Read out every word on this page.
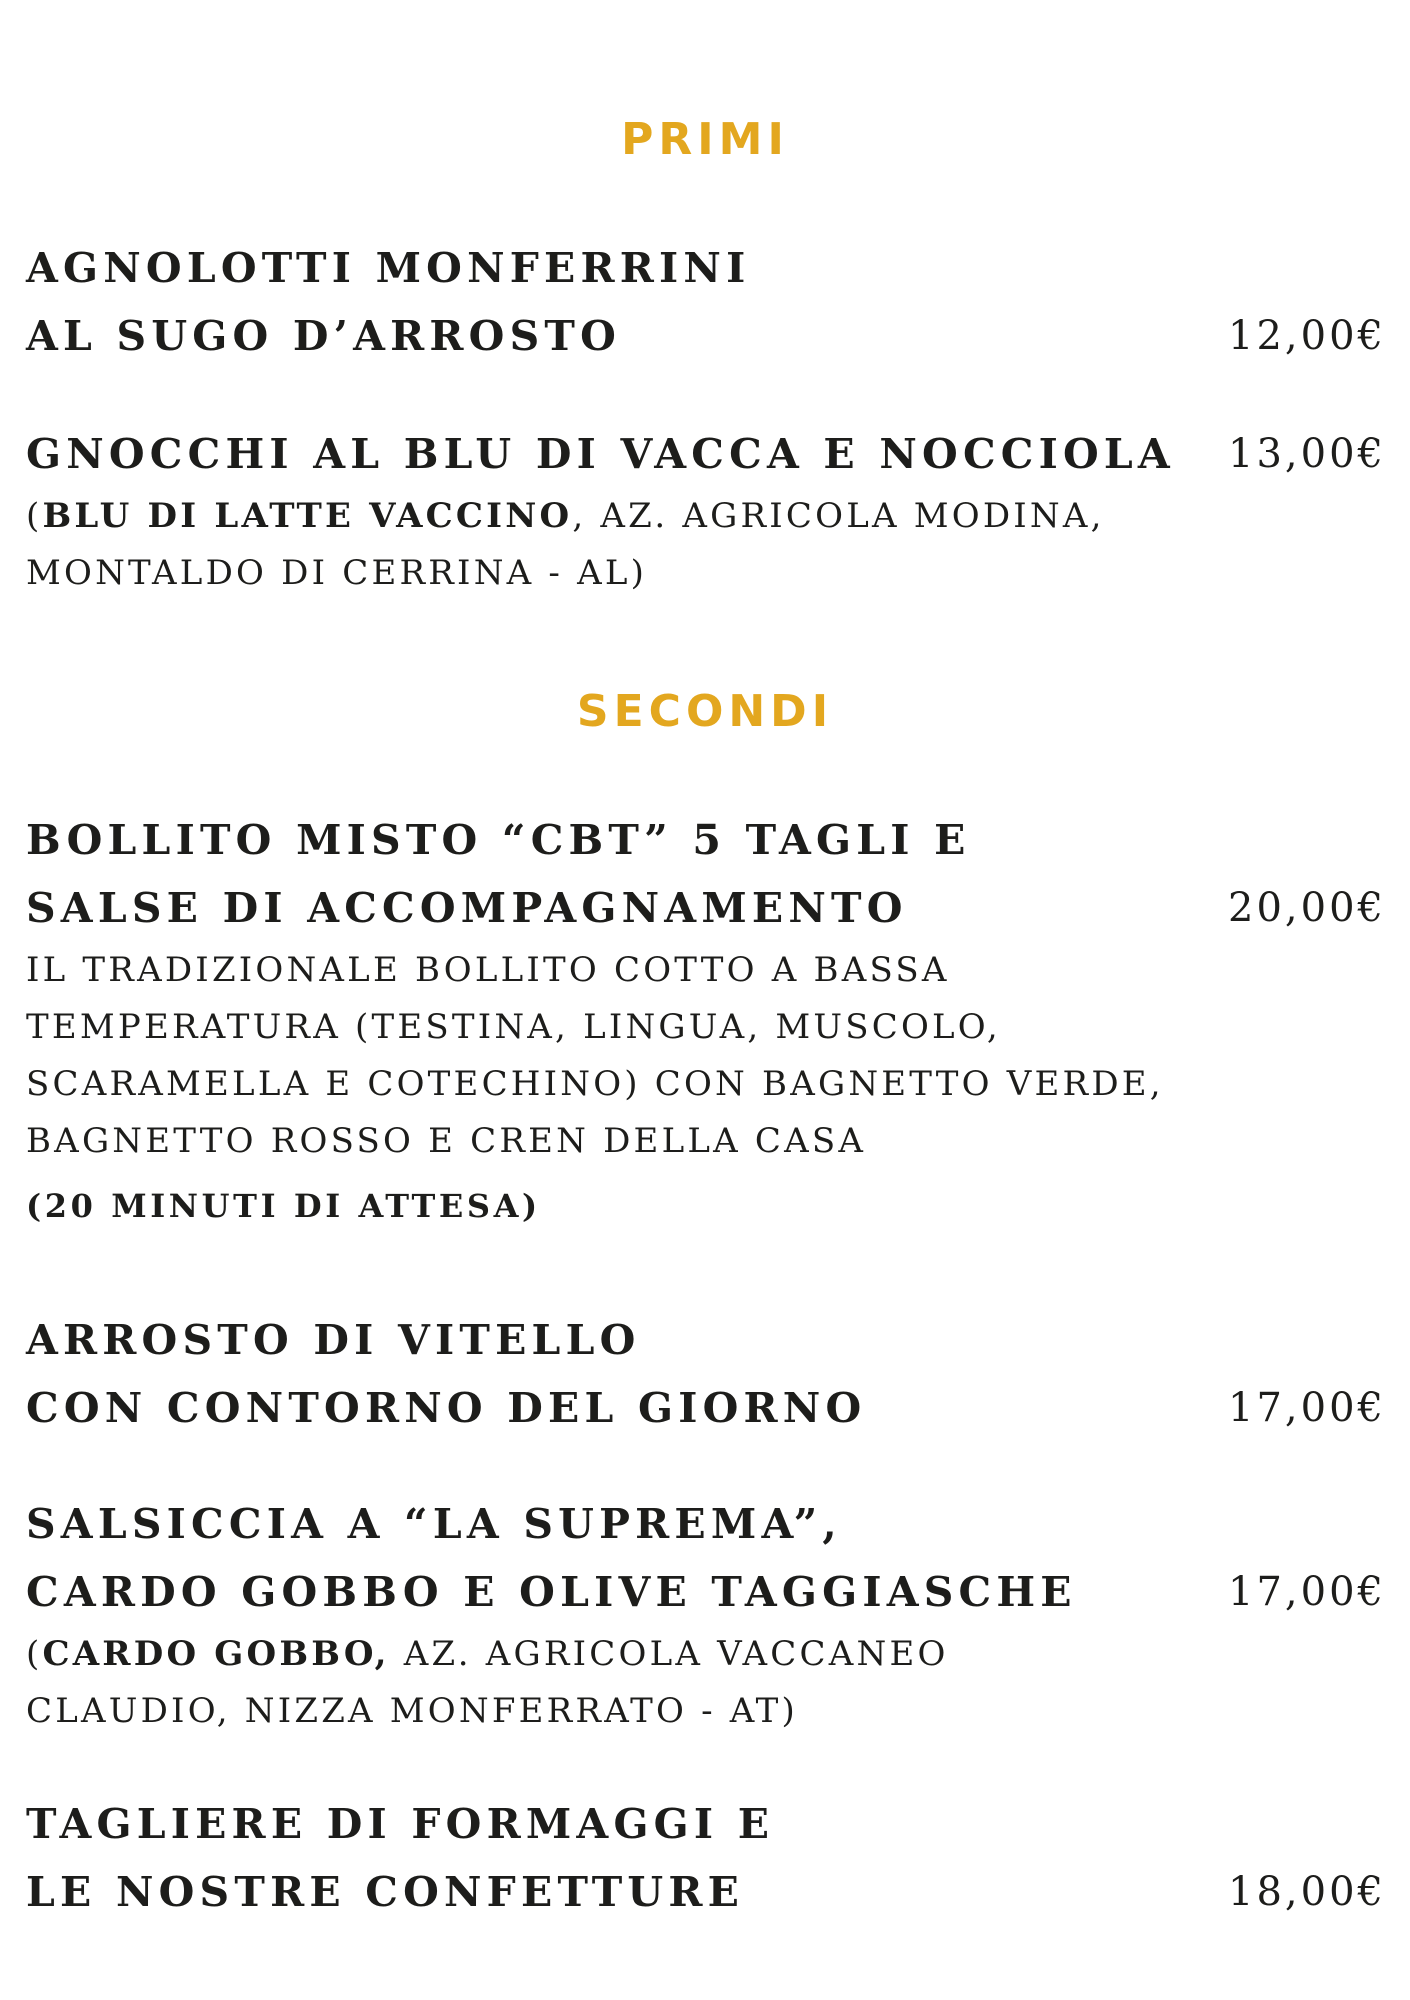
PRIMI
AGNOLOTTI MONFERRINI
AL SUGO D’ARROSTO	12,00€
GNOCCHI AL BLU DI VACCA E NOCCIOLA 13,00€
(BLU DI LATTE VACCINO, AZ. AGRICOLA MODINA,
MONTALDO DI CERRINA - AL)
SECONDI
BOLLITO MISTO “CBT” 5 TAGLI E
SALSE DI ACCOMPAGNAMENTO	20,00€
IL TRADIZIONALE BOLLITO COTTO A BASSA
TEMPERATURA (TESTINA, LINGUA, MUSCOLO,
SCARAMELLA E COTECHINO) CON BAGNETTO VERDE,
BAGNETTO ROSSO E CREN DELLA CASA
(20 MINUTI DI ATTESA)
ARROSTO DI VITELLO
CON CONTORNO DEL GIORNO	17,00€
SALSICCIA A “LA SUPREMA”,
CARDO GOBBO E OLIVE TAGGIASCHE	17,00€
(CARDO GOBBO, AZ. AGRICOLA VACCANEO
CLAUDIO, NIZZA MONFERRATO - AT)
TAGLIERE DI FORMAGGI E
LE NOSTRE CONFETTURE	18,00€
